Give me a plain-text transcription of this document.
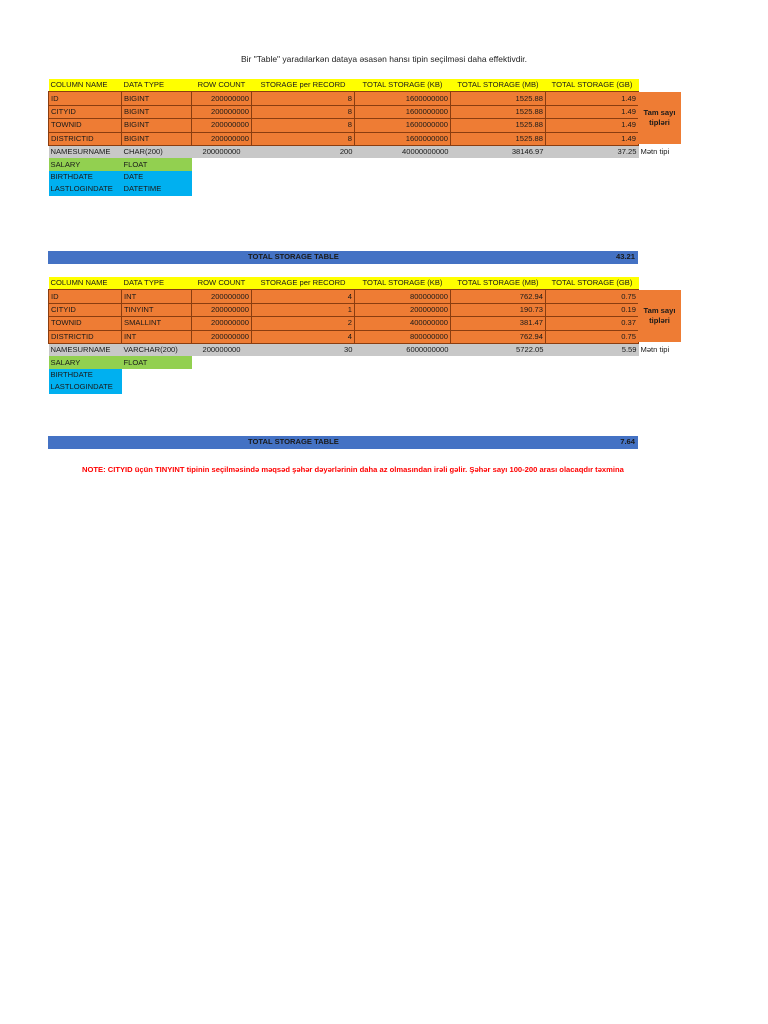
Bir "Table" yaradılarkən dataya əsasən hansı tipin seçilməsi daha effektivdir.
COLUMN NAME	DATA TYPE	ROW COUNT	STORAGE per RECORD	TOTAL STORAGE (KB)	TOTAL STORAGE (MB)	TOTAL STORAGE (GB)	
ID	BIGINT	200000000	8	1600000000	1525.88	1.49	
CITYID	BIGINT	200000000	8	1600000000	1525.88	1.49	
TOWNID	BIGINT	200000000	8	1600000000	1525.88	1.49	
DISTRICTID	BIGINT	200000000	8	1600000000	1525.88	1.49	
NAMESURNAME	CHAR(200)	200000000	200	40000000000	38146.97	37.25	Mətn tipi
SALARY	FLOAT						
BIRTHDATE	DATE						
LASTLOGINDATE	DATETIME						
Tam sayı tipləri
TOTAL STORAGE TABLE	43.21
COLUMN NAME	DATA TYPE	ROW COUNT	STORAGE per RECORD	TOTAL STORAGE (KB)	TOTAL STORAGE (MB)	TOTAL STORAGE (GB)	
ID	INT	200000000	4	800000000	762.94	0.75	
CITYID	TINYINT	200000000	1	200000000	190.73	0.19	
TOWNID	SMALLINT	200000000	2	400000000	381.47	0.37	
DISTRICTID	INT	200000000	4	800000000	762.94	0.75	
NAMESURNAME	VARCHAR(200)	200000000	30	6000000000	5722.05	5.59	Mətn tipi
SALARY	FLOAT						
BIRTHDATE							
LASTLOGINDATE							
Tam sayı tipləri
TOTAL STORAGE TABLE	7.64
NOTE: CITYID üçün TINYINT tipinin seçilməsində məqsəd şəhər dəyərlərinin daha az olmasından irəli gəlir. Şəhər sayı 100-200 arası olacaqdır təxmina
